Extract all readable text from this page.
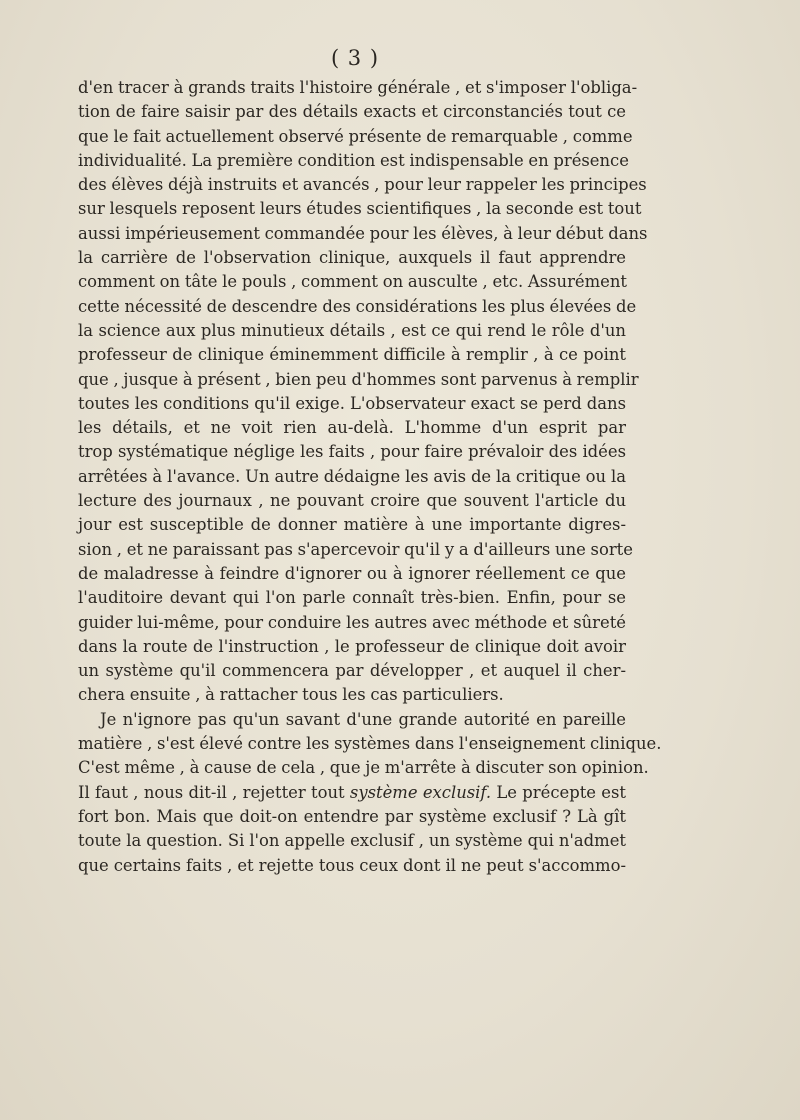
( 3 )
d'en tracer à grands traits l'histoire générale , et s'imposer l'obliga-
tion de faire saisir par des détails exacts et circonstanciés tout ce
que le fait actuellement observé présente de remarquable , comme
individualité. La première condition est indispensable en présence
des élèves déjà instruits et avancés , pour leur rappeler les principes
sur lesquels reposent leurs études scientifiques , la seconde est tout
aussi impérieusement commandée pour les élèves, à leur début dans
la carrière de l'observation clinique, auxquels il faut apprendre
comment on tâte le pouls , comment on ausculte , etc. Assurément
cette nécessité de descendre des considérations les plus élevées de
la science aux plus minutieux détails , est ce qui rend le rôle d'un
professeur de clinique éminemment difficile à remplir , à ce point
que , jusque à présent , bien peu d'hommes sont parvenus à remplir
toutes les conditions qu'il exige. L'observateur exact se perd dans
les détails, et ne voit rien au-delà. L'homme d'un esprit par
trop systématique néglige les faits , pour faire prévaloir des idées
arrêtées à l'avance. Un autre dédaigne les avis de la critique ou la
lecture des journaux , ne pouvant croire que souvent l'article du
jour est susceptible de donner matière à une importante digres-
sion , et ne paraissant pas s'apercevoir qu'il y a d'ailleurs une sorte
de maladresse à feindre d'ignorer ou à ignorer réellement ce que
l'auditoire devant qui l'on parle connaît très-bien. Enfin, pour se
guider lui-même, pour conduire les autres avec méthode et sûreté
dans la route de l'instruction , le professeur de clinique doit avoir
un système qu'il commencera par développer , et auquel il cher-
chera ensuite , à rattacher tous les cas particuliers.
Je n'ignore pas qu'un savant d'une grande autorité en pareille
matière , s'est élevé contre les systèmes dans l'enseignement clinique.
C'est même , à cause de cela , que je m'arrête à discuter son opinion.
Il faut , nous dit-il , rejetter tout système exclusif. Le précepte est
fort bon. Mais que doit-on entendre par système exclusif ? Là gît
toute la question. Si l'on appelle exclusif , un système qui n'admet
que certains faits , et rejette tous ceux dont il ne peut s'accommo-
